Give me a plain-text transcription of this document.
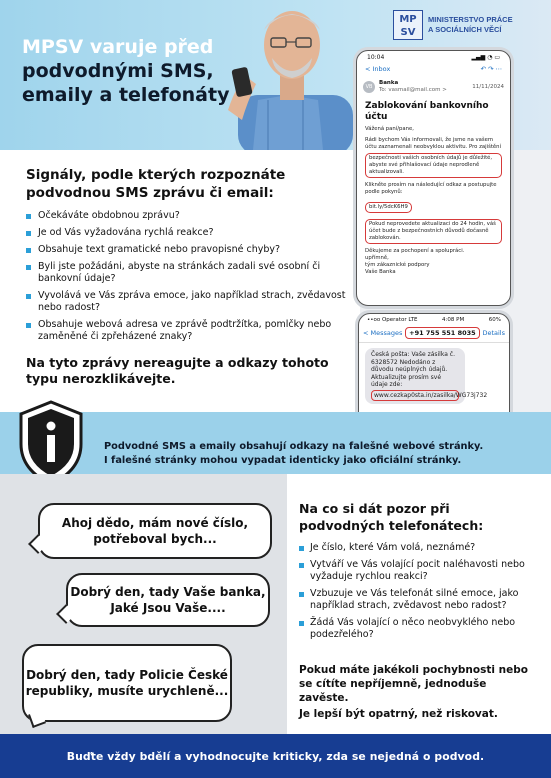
MPSV varuje před
podvodnými SMS,
emaily a telefonáty
MP SV
MINISTERSTVO PRÁCE
A SOCIÁLNÍCH VĚCÍ
Signály, podle kterých rozpoznáte podvodnou SMS zprávu či email:
Očekáváte obdobnou zprávu?
Je od Vás vyžadována rychlá reakce?
Obsahuje text gramatické nebo pravopisné chyby?
Byli jste požádáni, abyste na stránkách zadali své osobní či bankovní údaje?
Vyvolává ve Vás zpráva emoce, jako například strach, zvědavost nebo radost?
Obsahuje webová adresa ve zprávě podtržítka, pomlčky nebo zaměněné či zpřeházené znaky?
Na tyto zprávy nereagujte a odkazy tohoto typu nerozklikávejte.
10:04	▂▄▆ ◔ ▭
< Inbox	↶ ↷ ⋯
VB
Banka
To: vasmail@mail.com >	11/11/2024
Zablokování bankovního účtu
Vážená paní/pane,
Rádi bychom Vás informovali, že jsme na vašem účtu zaznamenali neobvyklou aktivitu. Pro zajištění
bezpečnosti vašich osobních údajů je důležité, abyste své přihlašovací údaje neprodleně aktualizovali.
Klikněte prosím na následující odkaz a postupujte podle pokynů:
bit.ly/5dcK6H9
Pokud neprovedete aktualizaci do 24 hodin, váš účet bude z bezpečnostních důvodů dočasně zablokován.
Děkujeme za pochopení a spolupráci.
upřímně,
tým zákaznické podpory
Vaše Banka
••oo Operator LTE	4:08 PM	60%
< Messages	+91 755 551 8035	Details
Česká pošta: Vaše zásilka č. 6328572 Nedodáno z důvodu neúplných údajů. Aktualizujte prosím své údaje zde:
www.cezkap0sta.in/zasilka/WG73j732
Podvodné SMS a emaily obsahují odkazy na falešné webové stránky.
I falešné stránky mohou vypadat identicky jako oficiální stránky.
Ahoj dědo, mám nové číslo, potřeboval bych...
Dobrý den, tady Vaše banka, Jaké Jsou Vaše....
Dobrý den, tady Policie České republiky, musíte urychleně...
Na co si dát pozor při podvodných telefonátech:
Je číslo, které Vám volá, neznámé?
Vytváří ve Vás volající pocit naléhavosti nebo vyžaduje rychlou reakci?
Vzbuzuje ve Vás telefonát silné emoce, jako například strach, zvědavost nebo radost?
Žádá Vás volající o něco neobvyklého nebo podezřelého?
Pokud máte jakékoli pochybnosti nebo se cítíte nepříjemně, jednoduše zavěste.
Je lepší být opatrný, než riskovat.
Buďte vždy bdělí a vyhodnocujte kriticky, zda se nejedná o podvod.
